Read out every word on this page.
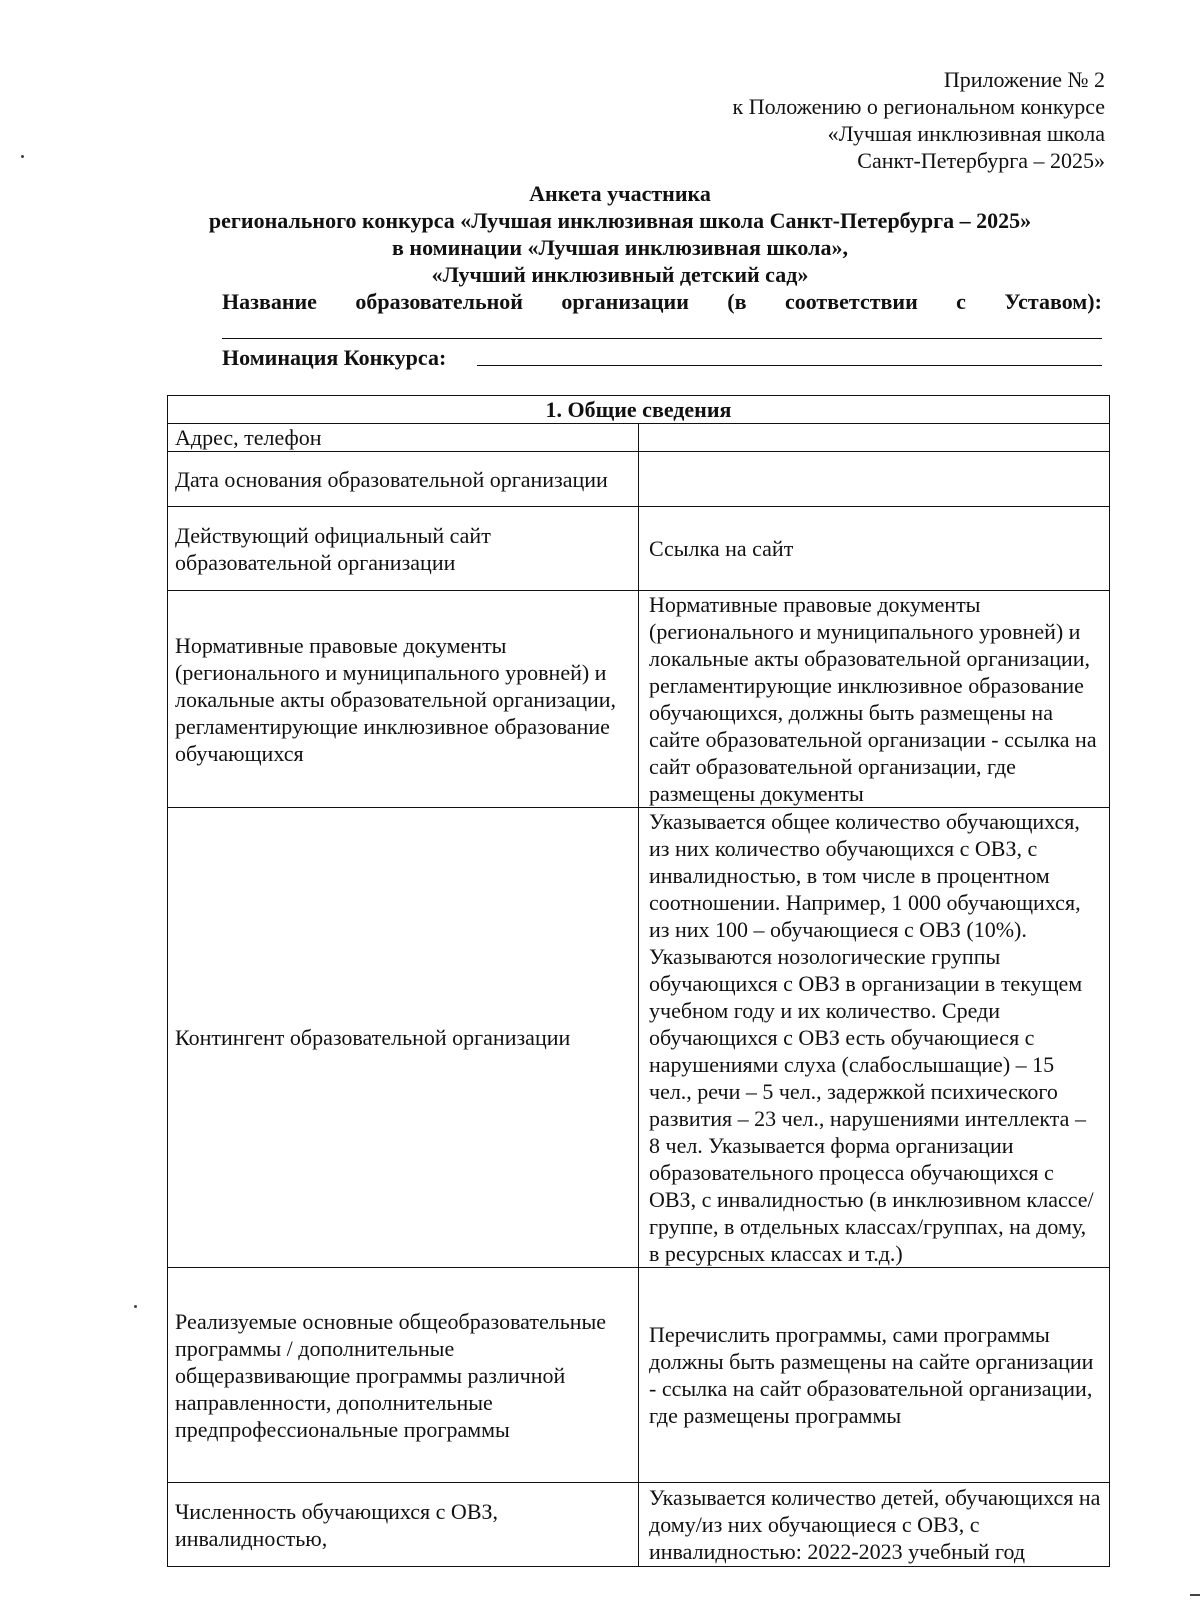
Приложение № 2
к Положению о региональном конкурсе
«Лучшая инклюзивная школа
Санкт-Петербурга – 2025»
Анкета участника
регионального конкурса «Лучшая инклюзивная школа Санкт-Петербурга – 2025»
в номинации «Лучшая инклюзивная школа»,
«Лучший инклюзивный детский сад»
Название образовательной организации (в соответствии с Уставом):
Номинация Конкурса:
1. Общие сведения	
Адрес, телефон	
Дата основания образовательной организации	
Действующий официальный сайт образовательной организации	Ссылка на сайт
Нормативные правовые документы (регионального и муниципального уровней) и локальные акты образовательной организации, регламентирующие инклюзивное образование обучающихся	Нормативные правовые документы (регионального и муниципального уровней) и локальные акты образовательной организации, регламентирующие инклюзивное образование обучающихся, должны быть размещены на сайте образовательной организации - ссылка на сайт образовательной организации, где размещены документы
Контингент образовательной организации	Указывается общее количество обучающихся, из них количество обучающихся с ОВЗ, с инвалидностью, в том числе в процентном соотношении. Например, 1 000 обучающихся, из них 100 – обучающиеся с ОВЗ (10%). Указываются нозологические группы обучающихся с ОВЗ в организации в текущем учебном году и их количество. Среди обучающихся с ОВЗ есть обучающиеся с нарушениями слуха (слабослышащие) – 15 чел., речи – 5 чел., задержкой психического развития – 23 чел., нарушениями интеллекта – 8 чел. Указывается форма организации образовательного процесса обучающихся с ОВЗ, с инвалидностью (в инклюзивном классе/группе, в отдельных классах/группах, на дому, в ресурсных классах и т.д.)
Реализуемые основные общеобразовательные программы / дополнительные общеразвивающие программы различной направленности, дополнительные предпрофессиональные программы	Перечислить программы, сами программы должны быть размещены на сайте организации - ссылка на сайт образовательной организации, где размещены программы
Численность обучающихся с ОВЗ, инвалидностью,	Указывается количество детей, обучающихся на дому/из них обучающиеся с ОВЗ, с инвалидностью: 2022-2023 учебный год
